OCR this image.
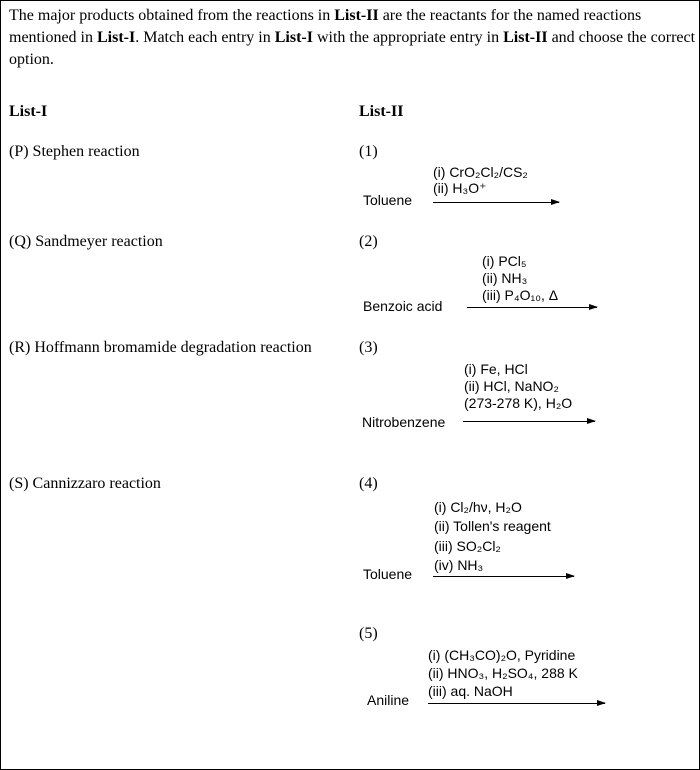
The major products obtained from the reactions in List-II are the reactants for the named reactions mentioned in List-I. Match each entry in List-I with the appropriate entry in List-II and choose the correct option.
List-I	List-II
(P) Stephen reaction
(Q) Sandmeyer reaction
(R) Hoffmann bromamide degradation reaction
(S) Cannizzaro reaction
(1)
(i) CrO₂Cl₂/CS₂
(ii) H₃O⁺
Toluene
(2)
(i) PCl₅
(ii) NH₃
(iii) P₄O₁₀, Δ
Benzoic acid
(3)
(i) Fe, HCl
(ii) HCl, NaNO₂
(273-278 K), H₂O
Nitrobenzene
(4)
(i) Cl₂/hν, H₂O
(ii) Tollen's reagent
(iii) SO₂Cl₂
(iv) NH₃
Toluene
(5)
(i) (CH₃CO)₂O, Pyridine
(ii) HNO₃, H₂SO₄, 288 K
(iii) aq. NaOH
Aniline
